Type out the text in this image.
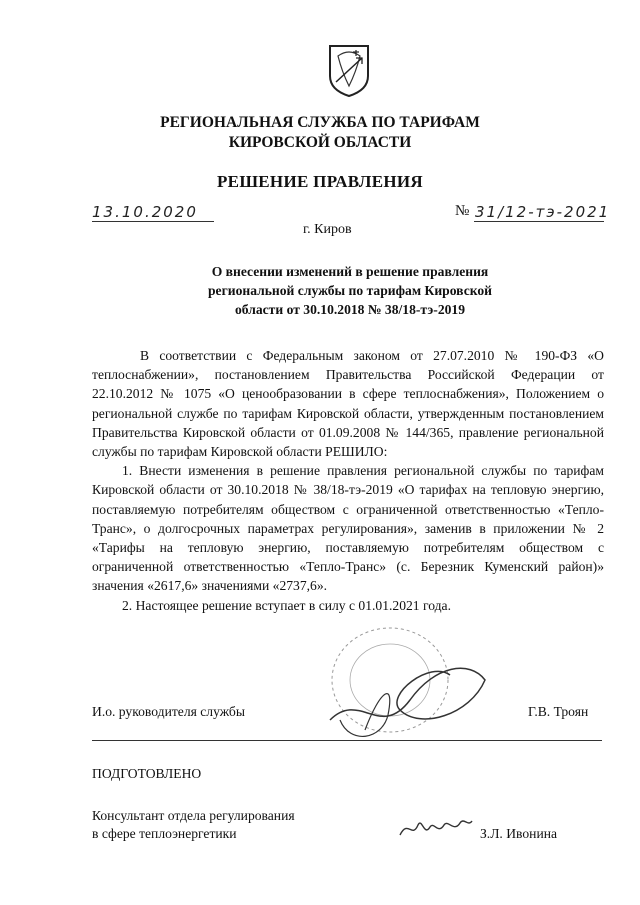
РЕГИОНАЛЬНАЯ СЛУЖБА ПО ТАРИФАМ
КИРОВСКОЙ ОБЛАСТИ
РЕШЕНИЕ ПРАВЛЕНИЯ
13.10.2020	№ 31/12-тэ-2021
г. Киров
О внесении изменений в решение правления
региональной службы по тарифам Кировской
области от 30.10.2018 № 38/18-тэ-2019

В соответствии с Федеральным законом от 27.07.2010 № 190-ФЗ «О теплоснабжении», постановлением Правительства Российской Федерации от 22.10.2012 № 1075 «О ценообразовании в сфере теплоснабжения», Положением о региональной службе по тарифам Кировской области, утвержденным постановлением Правительства Кировской области от 01.09.2008 № 144/365, правление региональной службы по тарифам Кировской области РЕШИЛО:

1. Внести изменения в решение правления региональной службы по тарифам Кировской области от 30.10.2018 № 38/18-тэ-2019 «О тарифах на тепловую энергию, поставляемую потребителям обществом с ограниченной ответственностью «Тепло-Транс», о долгосрочных параметрах регулирования», заменив в приложении № 2 «Тарифы на тепловую энергию, поставляемую потребителям обществом с ограниченной ответственностью «Тепло-Транс» (с. Березник Куменский район)» значения «2617,6» значениями «2737,6».

2. Настоящее решение вступает в силу с 01.01.2021 года.

И.о. руководителя службы	Г.В. Троян
ПОДГОТОВЛЕНО
Консультант отдела регулирования
в сфере теплоэнергетики	З.Л. Ивонина
